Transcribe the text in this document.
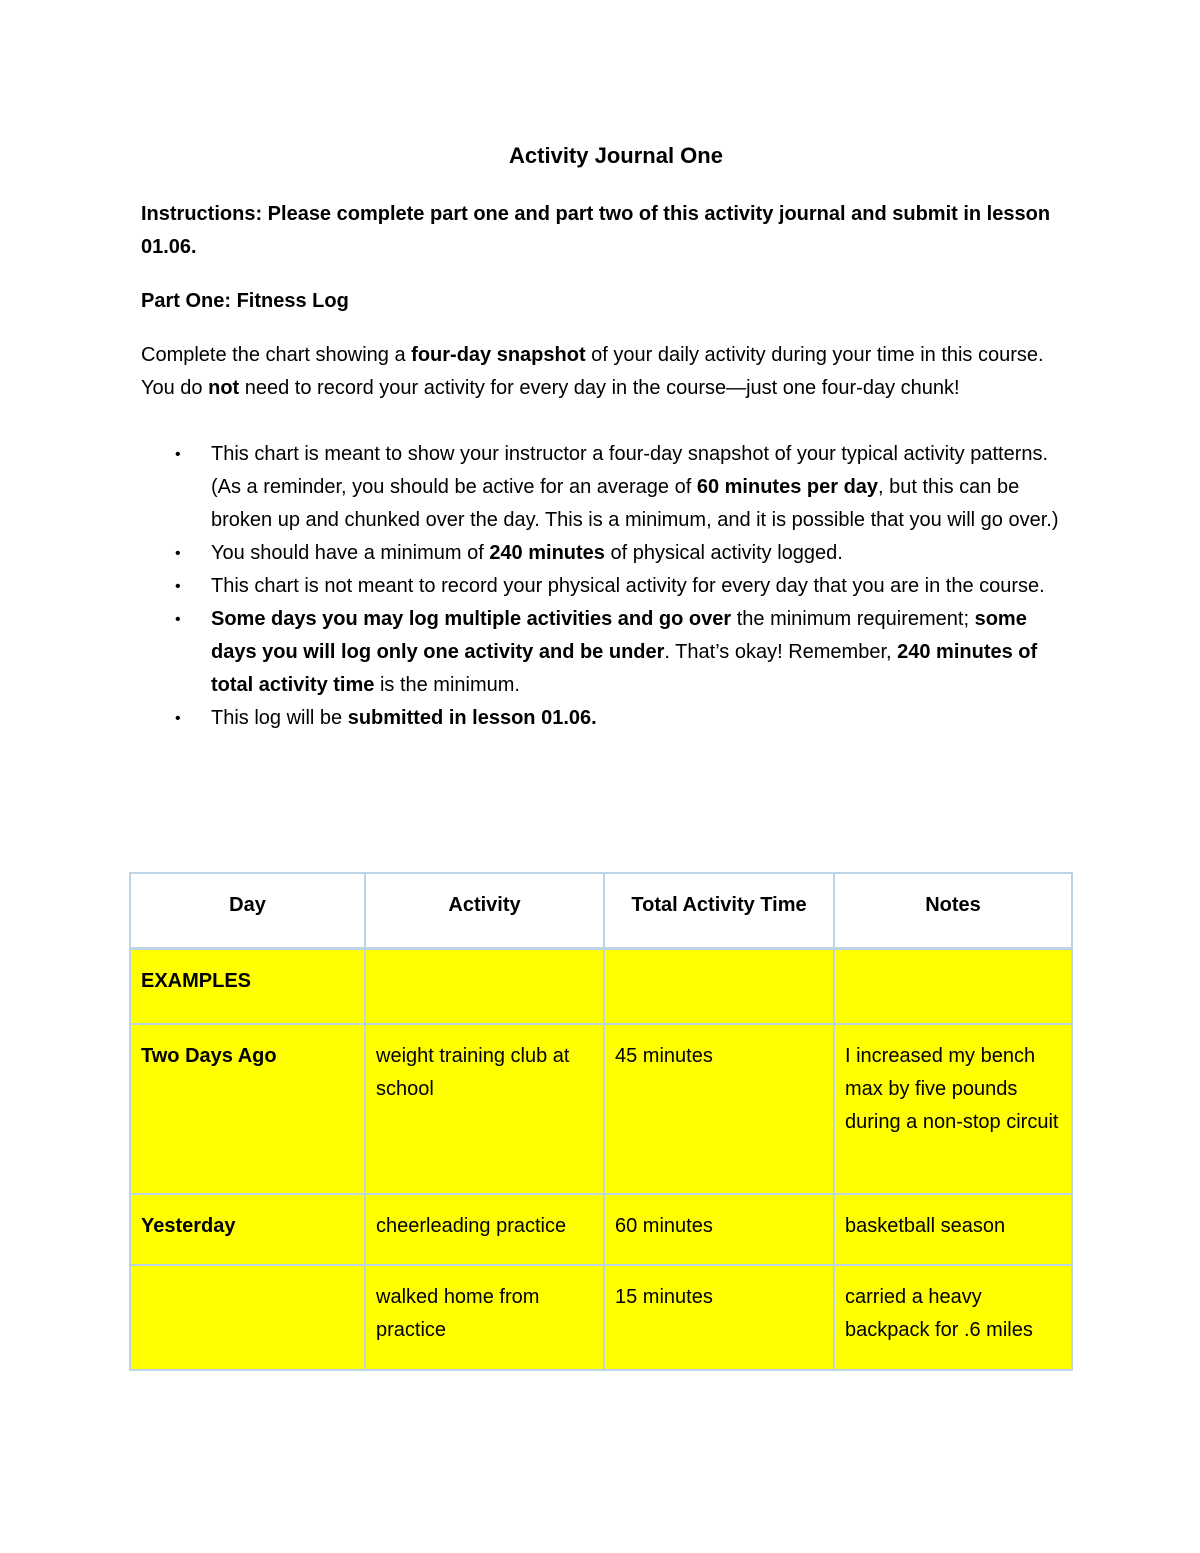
Activity Journal One
Instructions: Please complete part one and part two of this activity journal and submit in lesson 01.06.
Part One: Fitness Log
Complete the chart showing a four-day snapshot of your daily activity during your time in this course. You do not need to record your activity for every day in the course—just one four-day chunk!
• This chart is meant to show your instructor a four-day snapshot of your typical activity patterns. (As a reminder, you should be active for an average of 60 minutes per day, but this can be broken up and chunked over the day. This is a minimum, and it is possible that you will go over.)
• You should have a minimum of 240 minutes of physical activity logged.
• This chart is not meant to record your physical activity for every day that you are in the course.
• Some days you may log multiple activities and go over the minimum requirement; some days you will log only one activity and be under. That’s okay! Remember, 240 minutes of total activity time is the minimum.
• This log will be submitted in lesson 01.06.
Day	Activity	Total Activity Time	Notes
EXAMPLES			
Two Days Ago	weight training club at school	45 minutes	I increased my bench max by five pounds during a non-stop circuit
Yesterday	cheerleading practice	60 minutes	basketball season
	walked home from practice	15 minutes	carried a heavy backpack for .6 miles
